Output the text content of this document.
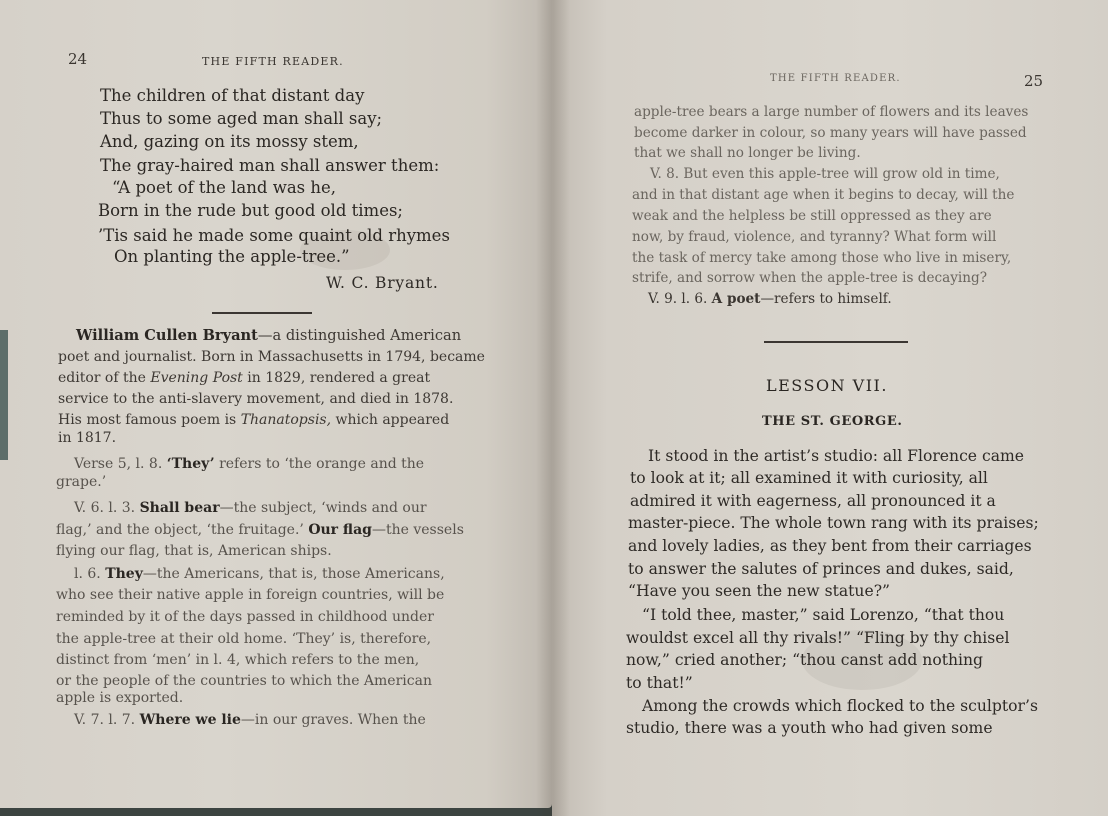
24	THE FIFTH READER.
The children of that distant day
Thus to some aged man shall say;
And, gazing on its mossy stem,
The gray-haired man shall answer them:
“A poet of the land was he,
Born in the rude but good old times;
’Tis said he made some quaint old rhymes
On planting the apple-tree.”
W. C. Bryant.
William Cullen Bryant—a distinguished American
poet and journalist. Born in Massachusetts in 1794, became
editor of the Evening Post in 1829, rendered a great
service to the anti-slavery movement, and died in 1878.
His most famous poem is Thanatopsis, which appeared
in 1817.
Verse 5, l. 8. ‘They’ refers to ‘the orange and the
grape.’
V. 6. l. 3. Shall bear—the subject, ‘winds and our
flag,’ and the object, ‘the fruitage.’ Our flag—the vessels
flying our flag, that is, American ships.
l. 6. They—the Americans, that is, those Americans,
who see their native apple in foreign countries, will be
reminded by it of the days passed in childhood under
the apple-tree at their old home. ‘They’ is, therefore,
distinct from ‘men’ in l. 4, which refers to the men,
or the people of the countries to which the American
apple is exported.
V. 7. l. 7. Where we lie—in our graves. When the
THE FIFTH READER.	25
apple-tree bears a large number of flowers and its leaves
become darker in colour, so many years will have passed
that we shall no longer be living.
V. 8. But even this apple-tree will grow old in time,
and in that distant age when it begins to decay, will the
weak and the helpless be still oppressed as they are
now, by fraud, violence, and tyranny? What form will
the task of mercy take among those who live in misery,
strife, and sorrow when the apple-tree is decaying?
V. 9. l. 6. A poet—refers to himself.
LESSON VII.
THE ST. GEORGE.
It stood in the artist’s studio: all Florence came
to look at it; all examined it with curiosity, all
admired it with eagerness, all pronounced it a
master-piece. The whole town rang with its praises;
and lovely ladies, as they bent from their carriages
to answer the salutes of princes and dukes, said,
“Have you seen the new statue?”
“I told thee, master,” said Lorenzo, “that thou
wouldst excel all thy rivals!” “Fling by thy chisel
now,” cried another; “thou canst add nothing
to that!”
Among the crowds which flocked to the sculptor’s
studio, there was a youth who had given some
